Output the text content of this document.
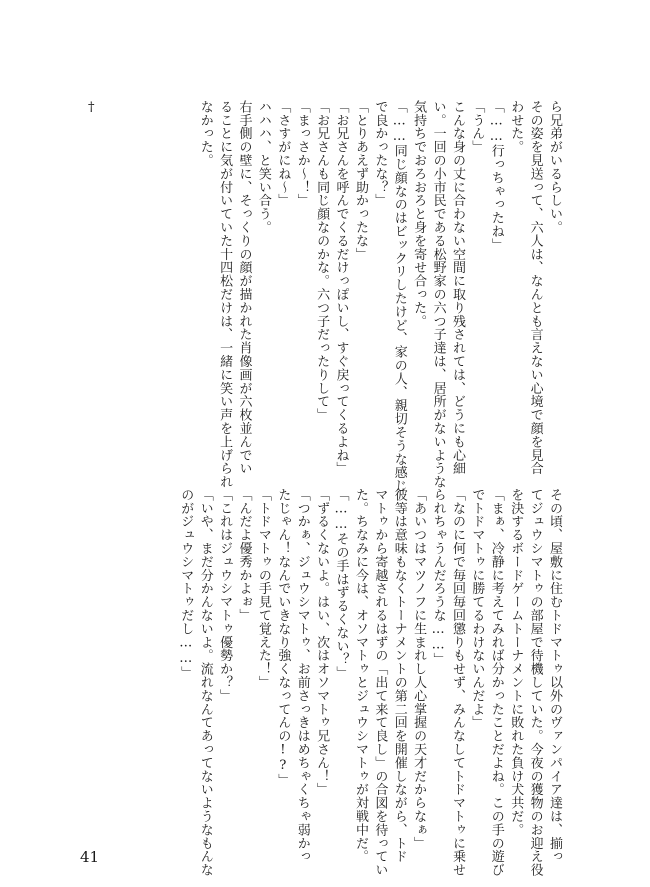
ら兄弟がいるらしい。

その姿を見送って、六人は、なんとも言えない心境で顔を見合

わせた。

「……行っちゃったね」

「うん」

こんな身の丈に合わない空間に取り残されては、どうにも心細

い。一回の小市民である松野家の六つ子達は、居所がないような

気持ちでおろおろと身を寄せ合った。

「……同じ顔なのはビックリしたけど、家の人、親切そうな感じ

で良かったな？」

「とりあえず助かったな」

「お兄さんを呼んでくるだけっぽいし、すぐ戻ってくるよね」

「お兄さんも同じ顔なのかな。六つ子だったりして」

「まっさか〜！」

「さすがにね〜」

ハハハ、と笑い合う。

右手側の壁に、そっくりの顔が描かれた肖像画が六枚並んでい

ることに気が付いていた十四松だけは、一緒に笑い声を上げられ

なかった。

†

その頃、屋敷に住むトドマトゥ以外のヴァンパイア達は、揃っ

てジュウシマトゥの部屋で待機していた。今夜の獲物のお迎え役

を決するボードゲームトーナメントに敗れた負け犬共だ。

「まぁ、冷静に考えてみれば分かったことだよね。この手の遊び

でトドマトゥに勝てるわけないんだよ」

「なのに何で毎回毎回懲りもせず、みんなしてトドマトゥに乗せ

られちゃうんだろうな……」

「あいつはマツノフに生まれし人心掌握の天才だからなぁ」

彼等は意味もなくトーナメントの第二回を開催しながら、トド

マトゥから寄越されるはずの「出て来て良し」の合図を待ってい

た。ちなみに今は、オソマトゥとジュウシマトゥが対戦中だ。

「……その手はずるくない？」

「ずるくないよ。はい、次はオソマトゥ兄さん！」

「つかぁ、ジュウシマトゥ、お前さっきはめちゃくちゃ弱かっ

たじゃん！なんでいきなり強くなってんの!?」

「トドマトゥの手見て覚えた！」

「んだよ優秀かよぉ」

「これはジュウシマトゥ優勢か？」

「いや、まだ分かんないよ。流れなんてあってないようなもんな

のがジュウシマトゥだし……」

41
